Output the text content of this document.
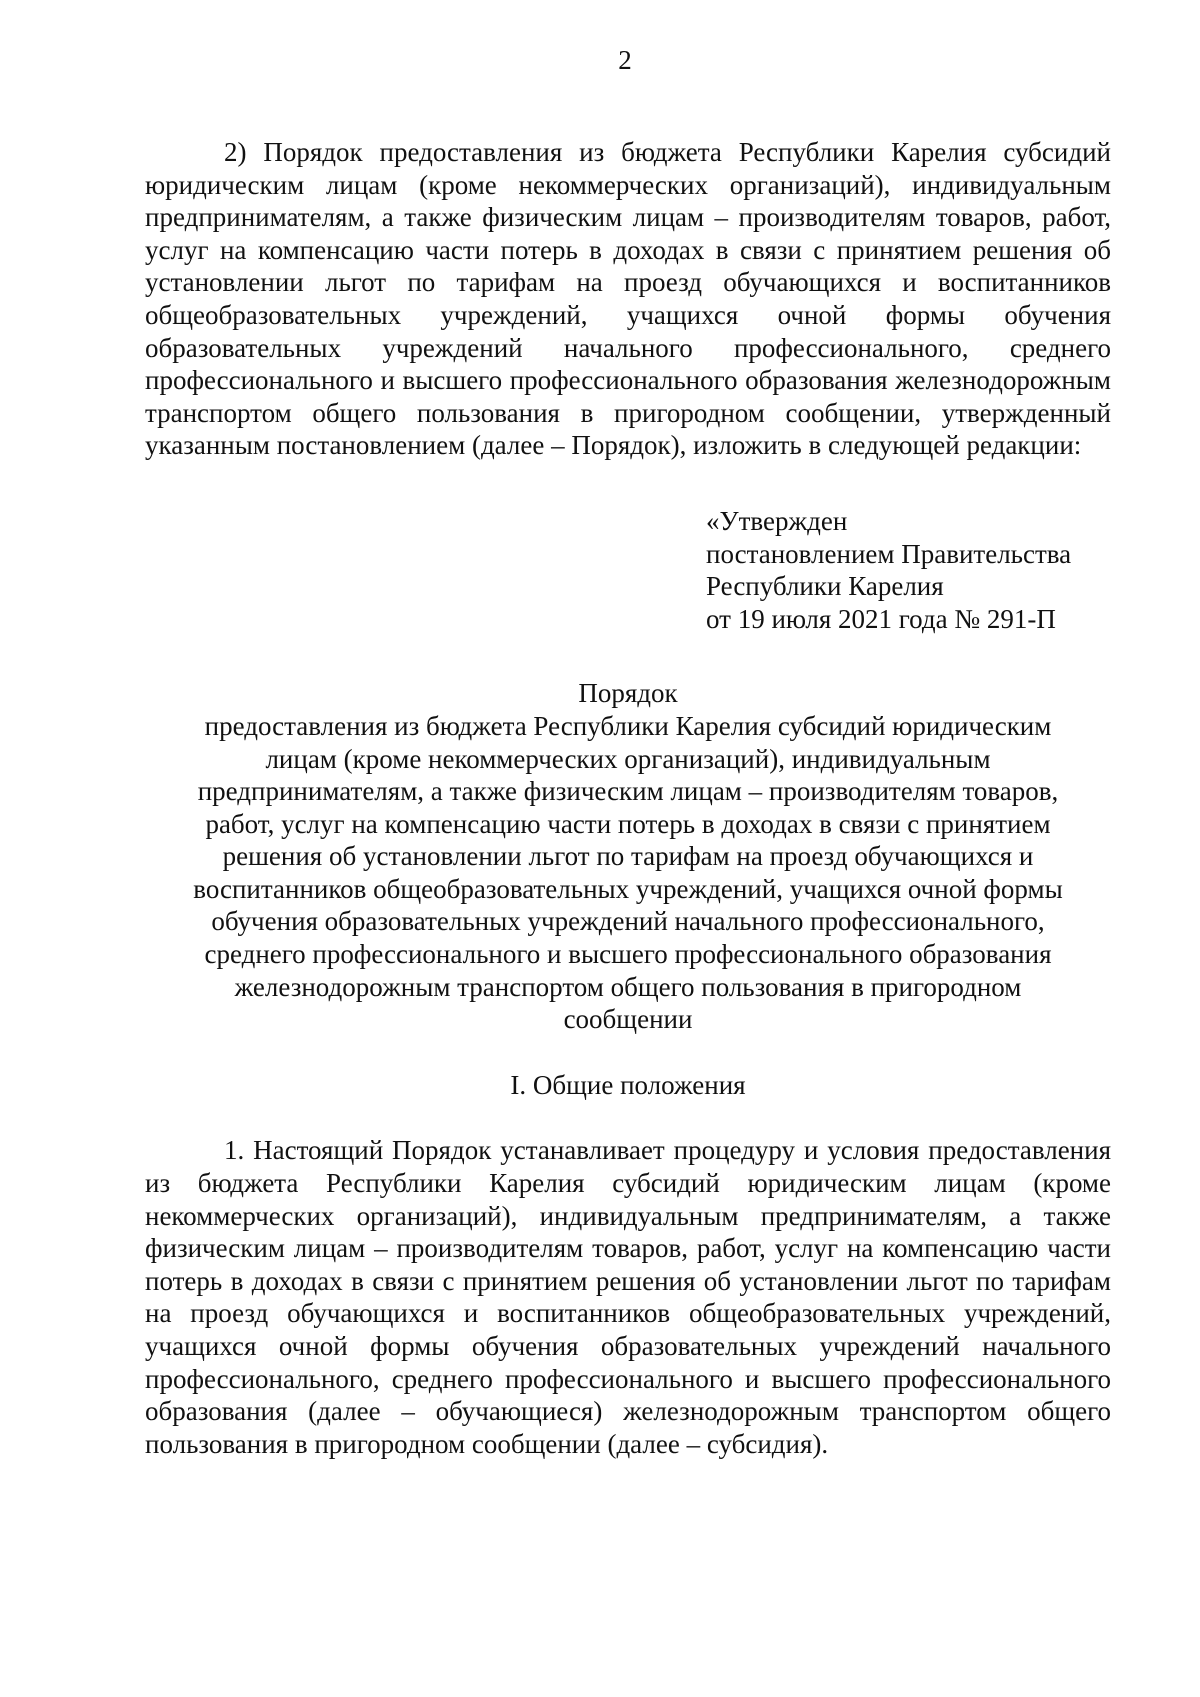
2

2) Порядок предоставления из бюджета Республики Карелия субсидий юридическим лицам (кроме некоммерческих организаций), индивидуальным предпринимателям, а также физическим лицам – производителям товаров, работ, услуг на компенсацию части потерь в доходах в связи с принятием решения об установлении льгот по тарифам на проезд обучающихся и воспитанников общеобразовательных учреждений, учащихся очной формы обучения образовательных учреждений начального профессионального, среднего профессионального и высшего профессионального образования железнодорожным транспортом общего пользования в пригородном сообщении, утвержденный указанным постановлением (далее – Порядок), изложить в следующей редакции:

«Утвержден
постановлением Правительства
Республики Карелия
от 19 июля 2021 года № 291-П
Порядок
предоставления из бюджета Республики Карелия субсидий юридическим лицам (кроме некоммерческих организаций), индивидуальным предпринимателям, а также физическим лицам – производителям товаров, работ, услуг на компенсацию части потерь в доходах в связи с принятием решения об установлении льгот по тарифам на проезд обучающихся и воспитанников общеобразовательных учреждений, учащихся очной формы обучения образовательных учреждений начального профессионального, среднего профессионального и высшего профессионального образования железнодорожным транспортом общего пользования в пригородном сообщении
I. Общие положения

1. Настоящий Порядок устанавливает процедуру и условия предоставления из бюджета Республики Карелия субсидий юридическим лицам (кроме некоммерческих организаций), индивидуальным предпринимателям, а также физическим лицам – производителям товаров, работ, услуг на компенсацию части потерь в доходах в связи с принятием решения об установлении льгот по тарифам на проезд обучающихся и воспитанников общеобразовательных учреждений, учащихся очной формы обучения образовательных учреждений начального профессионального, среднего профессионального и высшего профессионального образования (далее – обучающиеся) железнодорожным транспортом общего пользования в пригородном сообщении (далее – субсидия).
